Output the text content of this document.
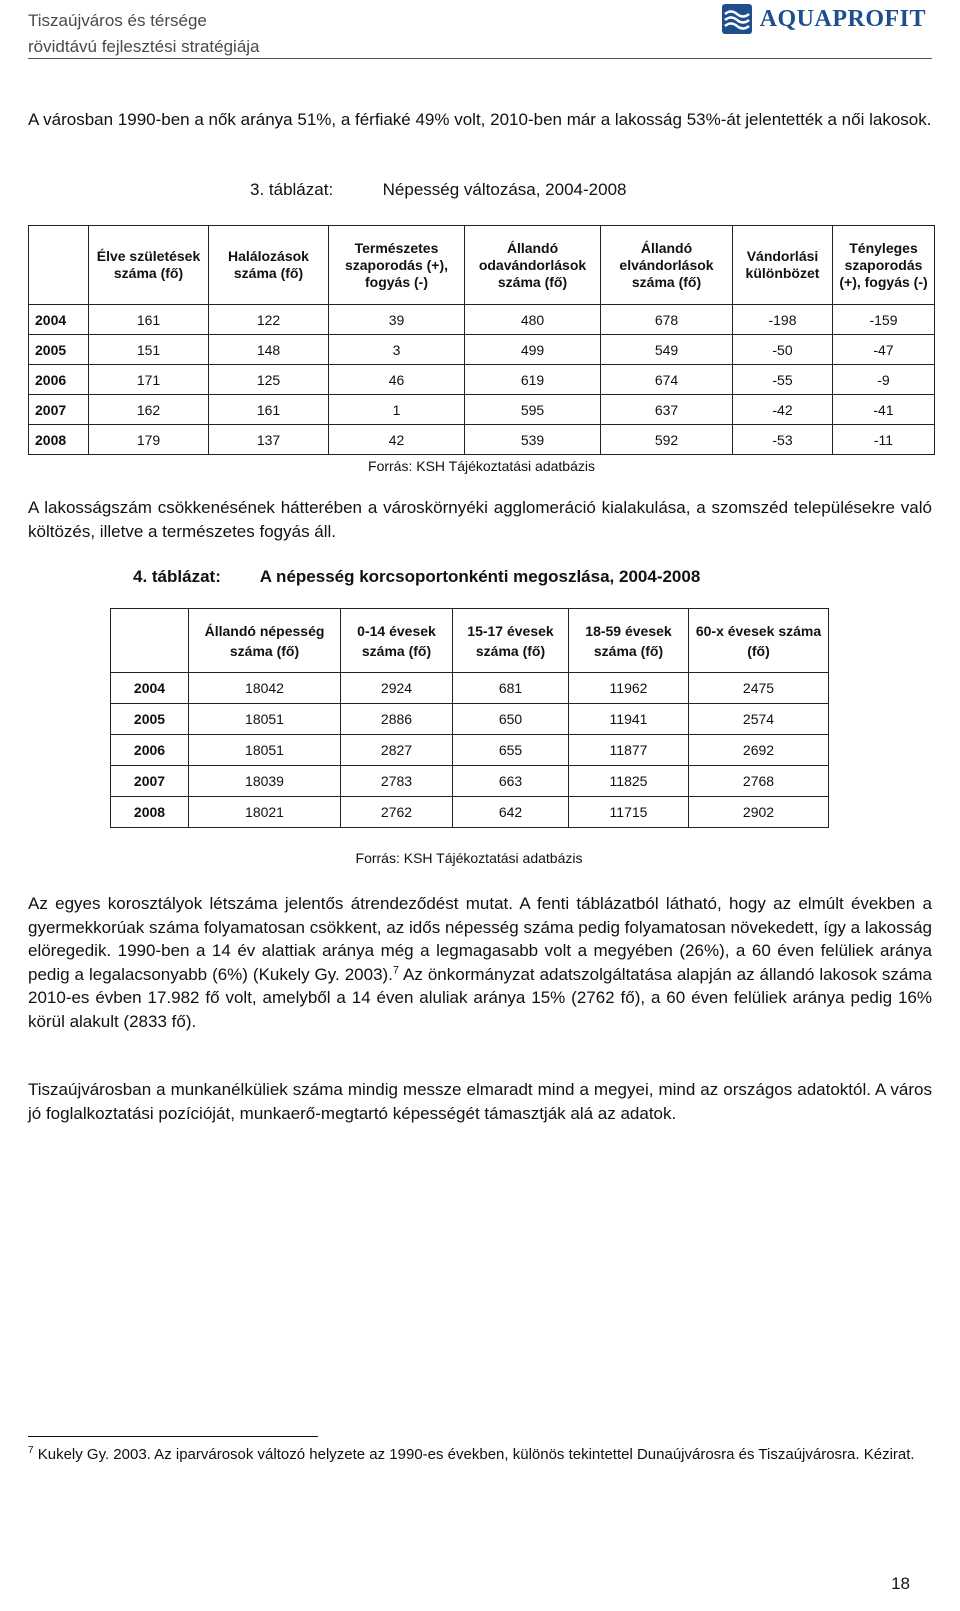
Tiszaújváros és térsége
rövidtávú fejlesztési stratégiája
AQUAPROFIT

A városban 1990-ben a nők aránya 51%, a férfiaké 49% volt, 2010-ben már a lakosság 53%-át jelentették a női lakosok.

3. táblázat:	Népesség változása, 2004-2008
	Élve születések száma (fő)	Halálozások száma (fő)	Természetes szaporodás (+), fogyás (-)	Állandó odavándorlások száma (fő)	Állandó elvándorlások száma (fő)	Vándorlási különbözet	Tényleges szaporodás (+), fogyás (-)
2004	161	122	39	480	678	-198	-159
2005	151	148	3	499	549	-50	-47
2006	171	125	46	619	674	-55	-9
2007	162	161	1	595	637	-42	-41
2008	179	137	42	539	592	-53	-11
Forrás: KSH Tájékoztatási adatbázis							

A lakosságszám csökkenésének hátterében a városkörnyéki agglomeráció kialakulása, a szomszéd településekre való költözés, illetve a természetes fogyás áll.

4. táblázat: A népesség korcsoportonkénti megoszlása, 2004-2008
	Állandó népesség száma (fő)	0-14 évesek száma (fő)	15-17 évesek száma (fő)	18-59 évesek száma (fő)	60-x évesek száma (fő)
2004	18042	2924	681	11962	2475
2005	18051	2886	650	11941	2574
2006	18051	2827	655	11877	2692
2007	18039	2783	663	11825	2768
2008	18021	2762	642	11715	2902
Forrás: KSH Tájékoztatási adatbázis

Az egyes korosztályok létszáma jelentős átrendeződést mutat. A fenti táblázatból látható, hogy az elmúlt években a gyermekkorúak száma folyamatosan csökkent, az idős népesség száma pedig folyamatosan növekedett, így a lakosság elöregedik. 1990-ben a 14 év alattiak aránya még a legmagasabb volt a megyében (26%), a 60 éven felüliek aránya pedig a legalacsonyabb (6%) (Kukely Gy. 2003).$^7$ Az önkormányzat adatszolgáltatása alapján az állandó lakosok száma 2010-es évben 17.982 fő volt, amelyből a 14 éven aluliak aránya 15% (2762 fő), a 60 éven felüliek aránya pedig 16% körül alakult (2833 fő).

Tiszaújvárosban a munkanélküliek száma mindig messze elmaradt mind a megyei, mind az országos adatoktól. A város jó foglalkoztatási pozícióját, munkaerő-megtartó képességét támasztják alá az adatok.

$^7$ Kukely Gy. 2003. Az iparvárosok változó helyzete az 1990-es években, különös tekintettel Dunaújvárosra és Tiszaújvárosra. Kézirat.

18
